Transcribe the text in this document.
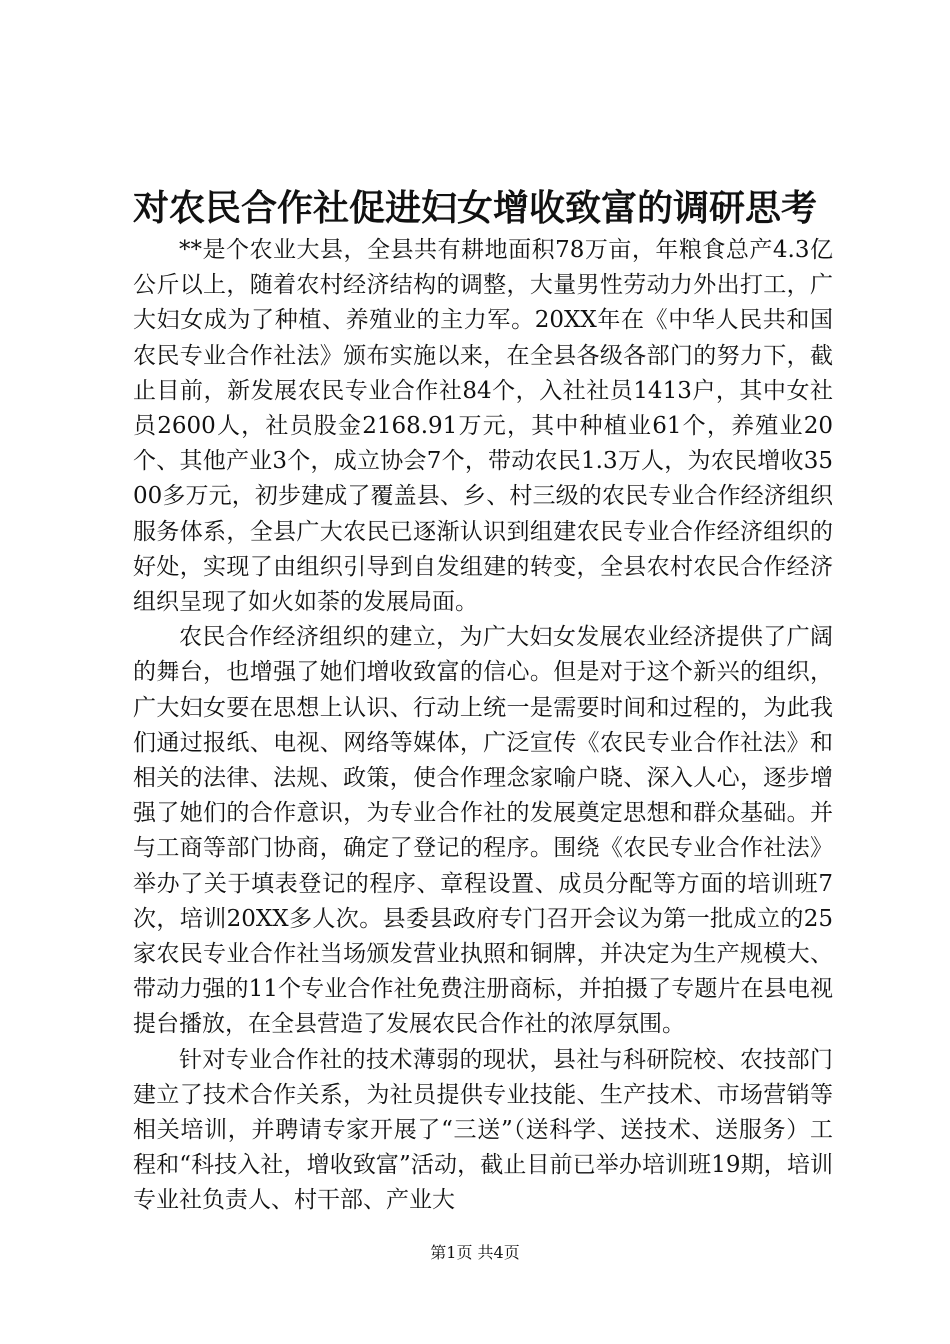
对农民合作社促进妇女增收致富的调研思考

**是个农业大县，全县共有耕地面积78万亩，年粮食总产4.3亿公斤以上，随着农村经济结构的调整，大量男性劳动力外出打工，广大妇女成为了种植、养殖业的主力军。20XX年在《中华人民共和国农民专业合作社法》颁布实施以来，在全县各级各部门的努力下，截止目前，新发展农民专业合作社84个，入社社员1413户，其中女社员2600人，社员股金2168.91万元，其中种植业61个，养殖业20个、其他产业3个，成立协会7个，带动农民1.3万人，为农民增收3500多万元，初步建成了覆盖县、乡、村三级的农民专业合作经济组织服务体系，全县广大农民已逐渐认识到组建农民专业合作经济组织的好处，实现了由组织引导到自发组建的转变，全县农村农民合作经济组织呈现了如火如荼的发展局面。

农民合作经济组织的建立，为广大妇女发展农业经济提供了广阔的舞台，也增强了她们增收致富的信心。但是对于这个新兴的组织，广大妇女要在思想上认识、行动上统一是需要时间和过程的，为此我们通过报纸、电视、网络等媒体，广泛宣传《农民专业合作社法》和相关的法律、法规、政策，使合作理念家喻户晓、深入人心，逐步增强了她们的合作意识，为专业合作社的发展奠定思想和群众基础。并与工商等部门协商，确定了登记的程序。围绕《农民专业合作社法》举办了关于填表登记的程序、章程设置、成员分配等方面的培训班7次，培训20XX多人次。县委县政府专门召开会议为第一批成立的25家农民专业合作社当场颁发营业执照和铜牌，并决定为生产规模大、带动力强的11个专业合作社免费注册商标，并拍摄了专题片在县电视提台播放，在全县营造了发展农民合作社的浓厚氛围。

针对专业合作社的技术薄弱的现状，县社与科研院校、农技部门建立了技术合作关系，为社员提供专业技能、生产技术、市场营销等相关培训，并聘请专家开展了“三送”（送科学、送技术、送服务）工程和“科技入社，增收致富”活动，截止目前已举办培训班19期，培训专业社负责人、村干部、产业大

第1页 共4页
